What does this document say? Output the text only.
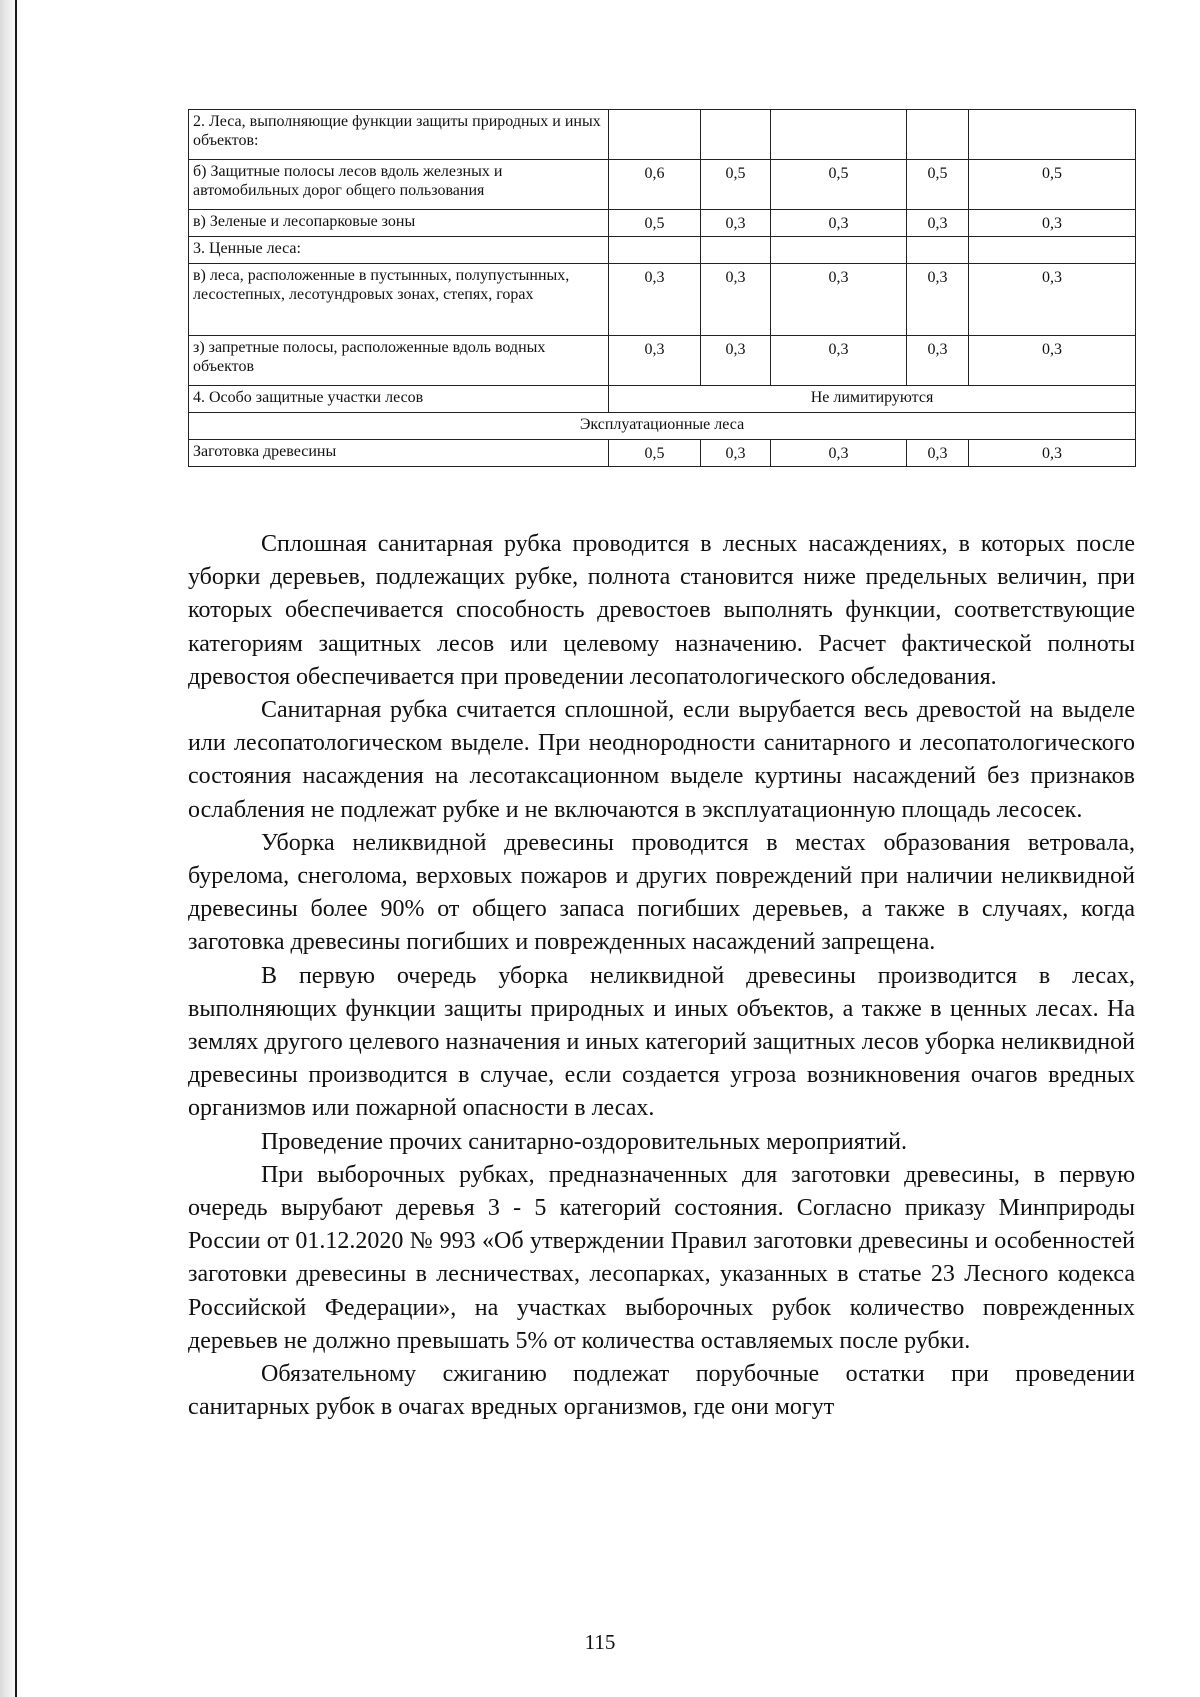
2. Леса, выполняющие функции защиты природных и иных объектов:					
б) Защитные полосы лесов вдоль железных и автомобильных дорог общего пользования	0,6	0,5	0,5	0,5	0,5
в) Зеленые и лесопарковые зоны	0,5	0,3	0,3	0,3	0,3
3. Ценные леса:					
в) леса, расположенные в пустынных, полупустынных, лесостепных, лесотундровых зонах, степях, горах	0,3	0,3	0,3	0,3	0,3
з) запретные полосы, расположенные вдоль водных объектов	0,3	0,3	0,3	0,3	0,3
4. Особо защитные участки лесов	Не лимитируются				
Эксплуатационные леса					
Заготовка древесины	0,5	0,3	0,3	0,3	0,3

Сплошная санитарная рубка проводится в лесных насаждениях, в которых после уборки деревьев, подлежащих рубке, полнота становится ниже предельных величин, при которых обеспечивается способность древостоев выполнять функции, соответствующие категориям защитных лесов или целевому назначению. Расчет фактической полноты древостоя обеспечивается при проведении лесопатологического обследования.

Санитарная рубка считается сплошной, если вырубается весь древостой на выделе или лесопатологическом выделе. При неоднородности санитарного и лесопатологического состояния насаждения на лесотаксационном выделе куртины насаждений без признаков ослабления не подлежат рубке и не включаются в эксплуатационную площадь лесосек.

Уборка неликвидной древесины проводится в местах образования ветровала, бурелома, снеголома, верховых пожаров и других повреждений при наличии неликвидной древесины более 90% от общего запаса погибших деревьев, а также в случаях, когда заготовка древесины погибших и поврежденных насаждений запрещена.

В первую очередь уборка неликвидной древесины производится в лесах, выполняющих функции защиты природных и иных объектов, а также в ценных лесах. На землях другого целевого назначения и иных категорий защитных лесов уборка неликвидной древесины производится в случае, если создается угроза возникновения очагов вредных организмов или пожарной опасности в лесах.

Проведение прочих санитарно-оздоровительных мероприятий.

При выборочных рубках, предназначенных для заготовки древесины, в первую очередь вырубают деревья 3 - 5 категорий состояния. Согласно приказу Минприроды России от 01.12.2020 № 993 «Об утверждении Правил заготовки древесины и особенностей заготовки древесины в лесничествах, лесопарках, указанных в статье 23 Лесного кодекса Российской Федерации», на участках выборочных рубок количество поврежденных деревьев не должно превышать 5% от количества оставляемых после рубки.

Обязательному сжиганию подлежат порубочные остатки при проведении санитарных рубок в очагах вредных организмов, где они могут

115
